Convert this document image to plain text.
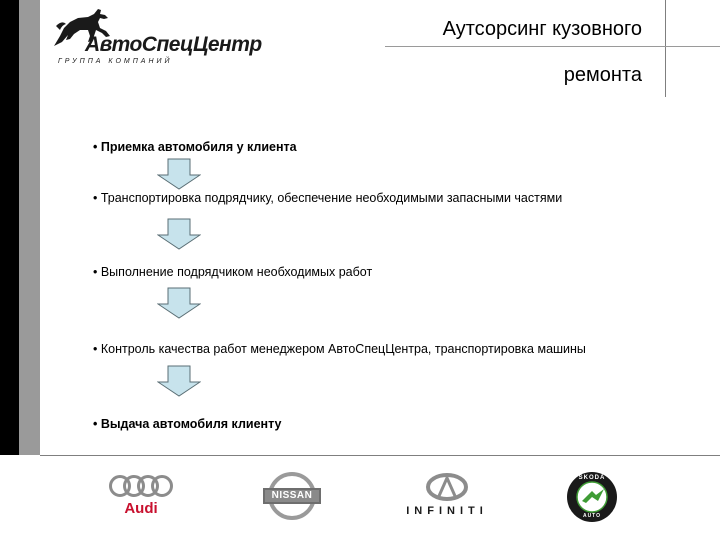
АвтоСпецЦентр
ГРУППА КОМПАНИЙ
Аутсорсинг кузовного
ремонта
• Приемка автомобиля у клиента
• Транспортировка подрядчику, обеспечение необходимыми запасными частями
• Выполнение подрядчиком необходимых работ
• Контроль качества работ менеджером АвтоСпецЦентра, транспортировка машины
• Выдача автомобиля клиенту
Audi
NISSAN
INFINITI
SKODA
AUTO
